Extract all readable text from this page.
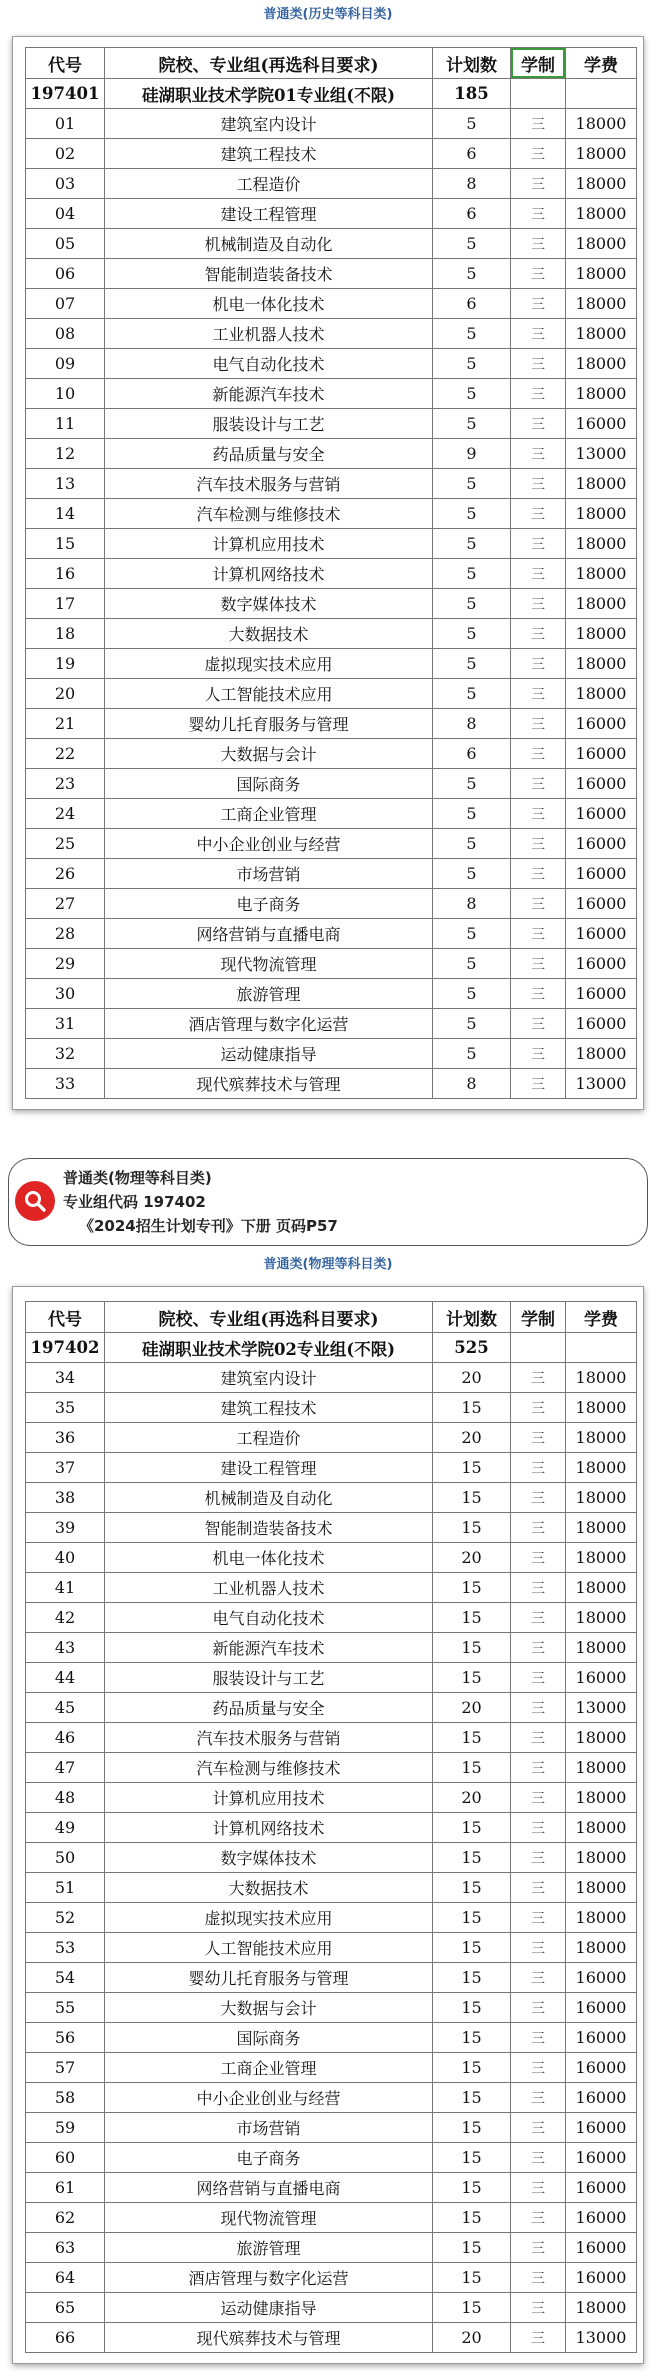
普通类(历史等科目类)
代号	院校、专业组(再选科目要求)	计划数	学制	学费
197401	硅湖职业技术学院01专业组(不限)	185		
01	建筑室内设计	5	三	18000
02	建筑工程技术	6	三	18000
03	工程造价	8	三	18000
04	建设工程管理	6	三	18000
05	机械制造及自动化	5	三	18000
06	智能制造装备技术	5	三	18000
07	机电一体化技术	6	三	18000
08	工业机器人技术	5	三	18000
09	电气自动化技术	5	三	18000
10	新能源汽车技术	5	三	18000
11	服装设计与工艺	5	三	16000
12	药品质量与安全	9	三	13000
13	汽车技术服务与营销	5	三	18000
14	汽车检测与维修技术	5	三	18000
15	计算机应用技术	5	三	18000
16	计算机网络技术	5	三	18000
17	数字媒体技术	5	三	18000
18	大数据技术	5	三	18000
19	虚拟现实技术应用	5	三	18000
20	人工智能技术应用	5	三	18000
21	婴幼儿托育服务与管理	8	三	16000
22	大数据与会计	6	三	16000
23	国际商务	5	三	16000
24	工商企业管理	5	三	16000
25	中小企业创业与经营	5	三	16000
26	市场营销	5	三	16000
27	电子商务	8	三	16000
28	网络营销与直播电商	5	三	16000
29	现代物流管理	5	三	16000
30	旅游管理	5	三	16000
31	酒店管理与数字化运营	5	三	16000
32	运动健康指导	5	三	18000
33	现代殡葬技术与管理	8	三	13000
普通类(物理等科目类)
专业组代码 197402
《2024招生计划专刊》下册 页码P57
普通类(物理等科目类)
代号	院校、专业组(再选科目要求)	计划数	学制	学费
197402	硅湖职业技术学院02专业组(不限)	525		
34	建筑室内设计	20	三	18000
35	建筑工程技术	15	三	18000
36	工程造价	20	三	18000
37	建设工程管理	15	三	18000
38	机械制造及自动化	15	三	18000
39	智能制造装备技术	15	三	18000
40	机电一体化技术	20	三	18000
41	工业机器人技术	15	三	18000
42	电气自动化技术	15	三	18000
43	新能源汽车技术	15	三	18000
44	服装设计与工艺	15	三	16000
45	药品质量与安全	20	三	13000
46	汽车技术服务与营销	15	三	18000
47	汽车检测与维修技术	15	三	18000
48	计算机应用技术	20	三	18000
49	计算机网络技术	15	三	18000
50	数字媒体技术	15	三	18000
51	大数据技术	15	三	18000
52	虚拟现实技术应用	15	三	18000
53	人工智能技术应用	15	三	18000
54	婴幼儿托育服务与管理	15	三	16000
55	大数据与会计	15	三	16000
56	国际商务	15	三	16000
57	工商企业管理	15	三	16000
58	中小企业创业与经营	15	三	16000
59	市场营销	15	三	16000
60	电子商务	15	三	16000
61	网络营销与直播电商	15	三	16000
62	现代物流管理	15	三	16000
63	旅游管理	15	三	16000
64	酒店管理与数字化运营	15	三	16000
65	运动健康指导	15	三	18000
66	现代殡葬技术与管理	20	三	13000
